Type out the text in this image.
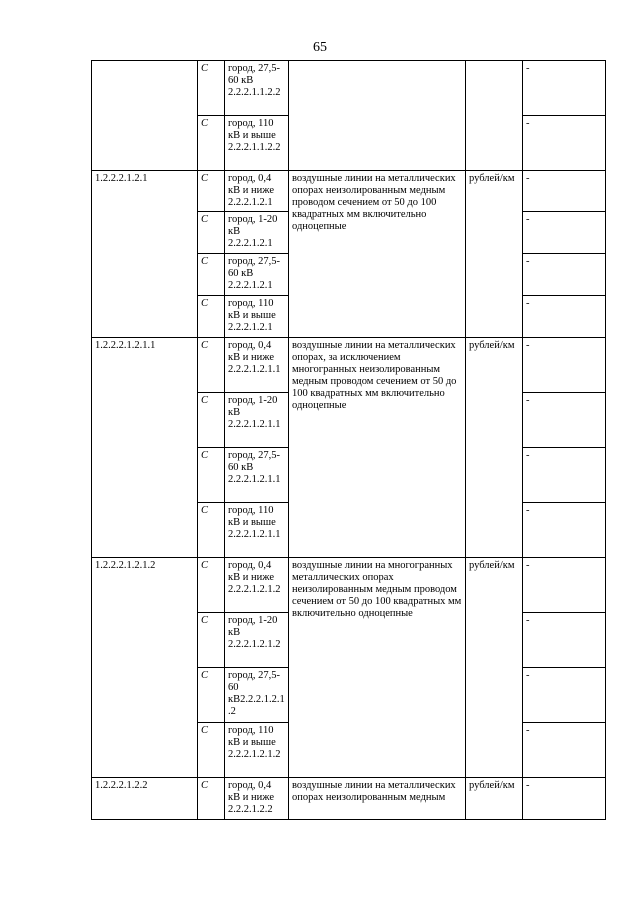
65
	C	город, 27,5-60 кВ 2.2.2.1.1.2.2			-
	C	город, 110 кВ и выше 2.2.2.1.1.2.2			-
1.2.2.2.1.2.1	C	город, 0,4 кВ и ниже 2.2.2.1.2.1	воздушные линии на металлических опорах неизолированным медным проводом сечением от 50 до 100 квадратных мм включительно одноцепные	рублей/км	-
	C	город, 1-20 кВ 2.2.2.1.2.1			-
	C	город, 27,5-60 кВ 2.2.2.1.2.1			-
	C	город, 110 кВ и выше 2.2.2.1.2.1			-
1.2.2.2.1.2.1.1	C	город, 0,4 кВ и ниже 2.2.2.1.2.1.1	воздушные линии на металлических опорах, за исключением многогранных неизолированным медным проводом сечением от 50 до 100 квадратных мм включительно одноцепные	рублей/км	-
	C	город, 1-20 кВ 2.2.2.1.2.1.1			-
	C	город, 27,5-60 кВ 2.2.2.1.2.1.1			-
	C	город, 110 кВ и выше 2.2.2.1.2.1.1			-
1.2.2.2.1.2.1.2	C	город, 0,4 кВ и ниже 2.2.2.1.2.1.2	воздушные линии на многогранных металлических опорах неизолированным медным проводом сечением от 50 до 100 квадратных мм включительно одноцепные	рублей/км	-
	C	город, 1-20 кВ 2.2.2.1.2.1.2			-
	C	город, 27,5-60 кВ2.2.2.1.2.1.2			-
	C	город, 110 кВ и выше 2.2.2.1.2.1.2			-
1.2.2.2.1.2.2	C	город, 0,4 кВ и ниже 2.2.2.1.2.2	воздушные линии на металлических опорах неизолированным медным	рублей/км	-
